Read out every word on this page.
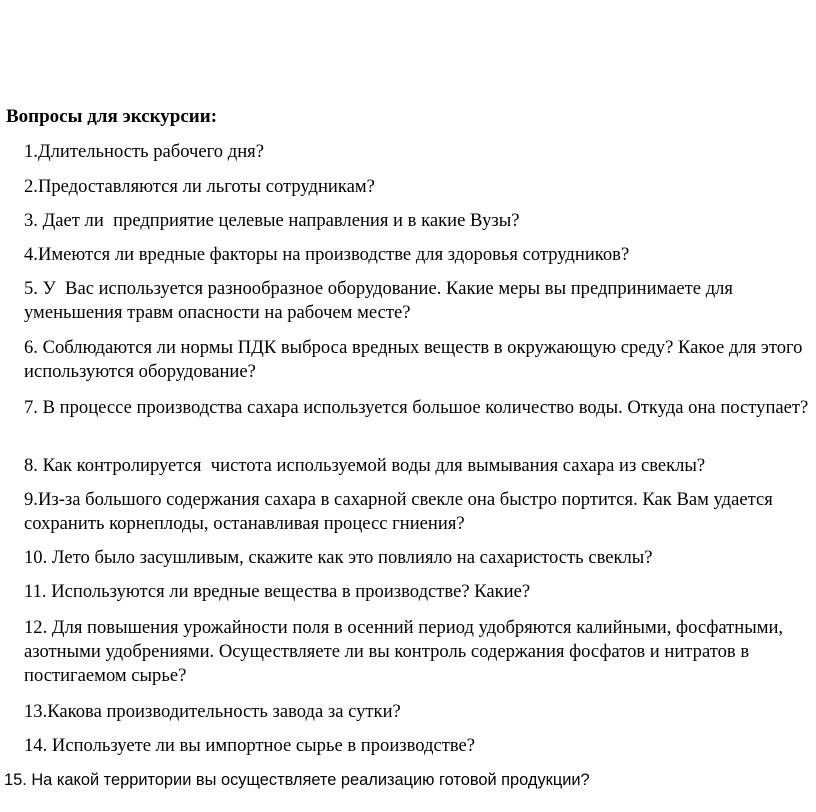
Вопросы для экскурсии:

1.Длительность рабочего дня?

2.Предоставляются ли льготы сотрудникам?

3. Дает ли  предприятие целевые направления и в какие Вузы?

4.Имеются ли вредные факторы на производстве для здоровья сотрудников?

5. У  Вас используется разнообразное оборудование. Какие меры вы предпринимаете для уменьшения травм опасности на рабочем месте?

6. Соблюдаются ли нормы ПДК выброса вредных веществ в окружающую среду? Какое для этого используются оборудование?

7. В процессе производства сахара используется большое количество воды. Откуда она поступает?

8. Как контролируется  чистота используемой воды для вымывания сахара из свеклы?

9.Из-за большого содержания сахара в сахарной свекле она быстро портится. Как Вам удается сохранить корнеплоды, останавливая процесс гниения?

10. Лето было засушливым, скажите как это повлияло на сахаристость свеклы?

11. Используются ли вредные вещества в производстве? Какие?

12. Для повышения урожайности поля в осенний период удобряются калийными, фосфатными, азотными удобрениями. Осуществляете ли вы контроль содержания фосфатов и нитратов в постигаемом сырье?

13.Какова производительность завода за сутки?

14. Используете ли вы импортное сырье в производстве?

15. На какой территории вы осуществляете реализацию готовой продукции?
